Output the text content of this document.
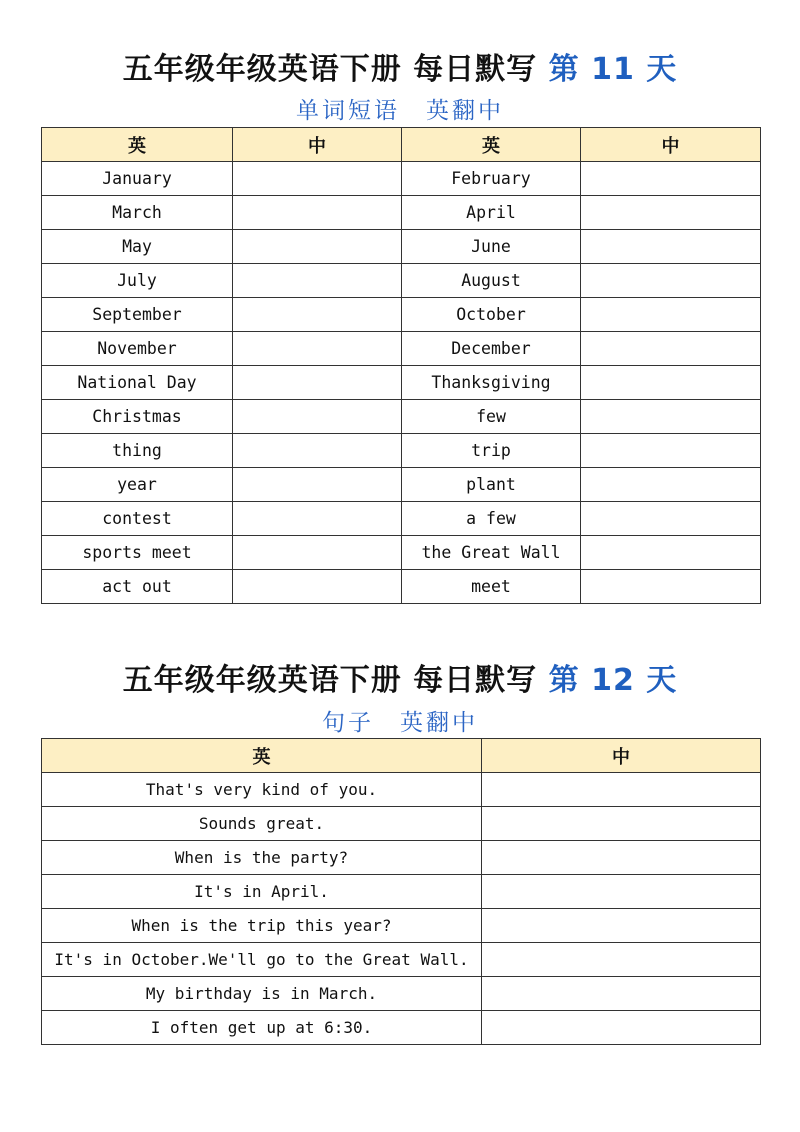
五年级年级英语下册 每日默写 第 11 天
单词短语　英翻中
英	中	英	中
January		February	
March		April	
May		June	
July		August	
September		October	
November		December	
National Day		Thanksgiving	
Christmas		few	
thing		trip	
year		plant	
contest		a few	
sports meet		the Great Wall	
act out		meet	
五年级年级英语下册 每日默写 第 12 天
句子　英翻中
英	中
That's very kind of you.	
Sounds great.	
When is the party?	
It's in April.	
When is the trip this year?	
It's in October.We'll go to the Great Wall.	
My birthday is in March.	
I often get up at 6:30.	
